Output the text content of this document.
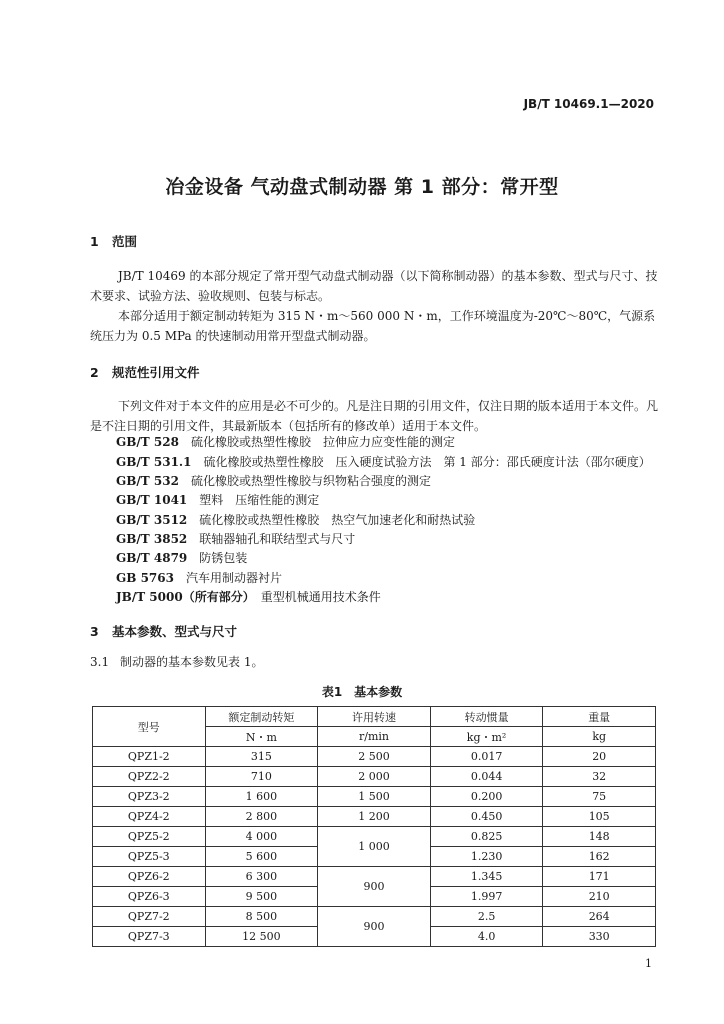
JB/T 10469.1—2020
冶金设备 气动盘式制动器 第 1 部分：常开型
1 范围
JB/T 10469 的本部分规定了常开型气动盘式制动器（以下简称制动器）的基本参数、型式与尺寸、技术要求、试验方法、验收规则、包装与标志。
本部分适用于额定制动转矩为 315 N・m～560 000 N・m，工作环境温度为-20℃～80℃，气源系统压力为 0.5 MPa 的快速制动用常开型盘式制动器。
2 规范性引用文件
下列文件对于本文件的应用是必不可少的。凡是注日期的引用文件，仅注日期的版本适用于本文件。凡是不注日期的引用文件，其最新版本（包括所有的修改单）适用于本文件。
GB/T 528　 硫化橡胶或热塑性橡胶　拉伸应力应变性能的测定
GB/T 531.1　 硫化橡胶或热塑性橡胶　压入硬度试验方法　第 1 部分：邵氏硬度计法（邵尔硬度）
GB/T 532　 硫化橡胶或热塑性橡胶与织物粘合强度的测定
GB/T 1041　 塑料　压缩性能的测定
GB/T 3512　 硫化橡胶或热塑性橡胶　热空气加速老化和耐热试验
GB/T 3852　 联轴器轴孔和联结型式与尺寸
GB/T 4879　 防锈包装
GB 5763　 汽车用制动器衬片
JB/T 5000（所有部分）　 重型机械通用技术条件
3 基本参数、型式与尺寸
3.1 制动器的基本参数见表 1。
表1　基本参数
型号	额定制动转矩	许用转速	转动惯量	重量
	N・m	r/min	kg・m²	kg
QPZ1-2	315	2 500	0.017	20
QPZ2-2	710	2 000	0.044	32
QPZ3-2	1 600	1 500	0.200	75
QPZ4-2	2 800	1 200	0.450	105
QPZ5-2	4 000	1 000	0.825	148
QPZ5-3	5 600		1.230	162
QPZ6-2	6 300	900	1.345	171
QPZ6-3	9 500		1.997	210
QPZ7-2	8 500	900	2.5	264
QPZ7-3	12 500		4.0	330
1
